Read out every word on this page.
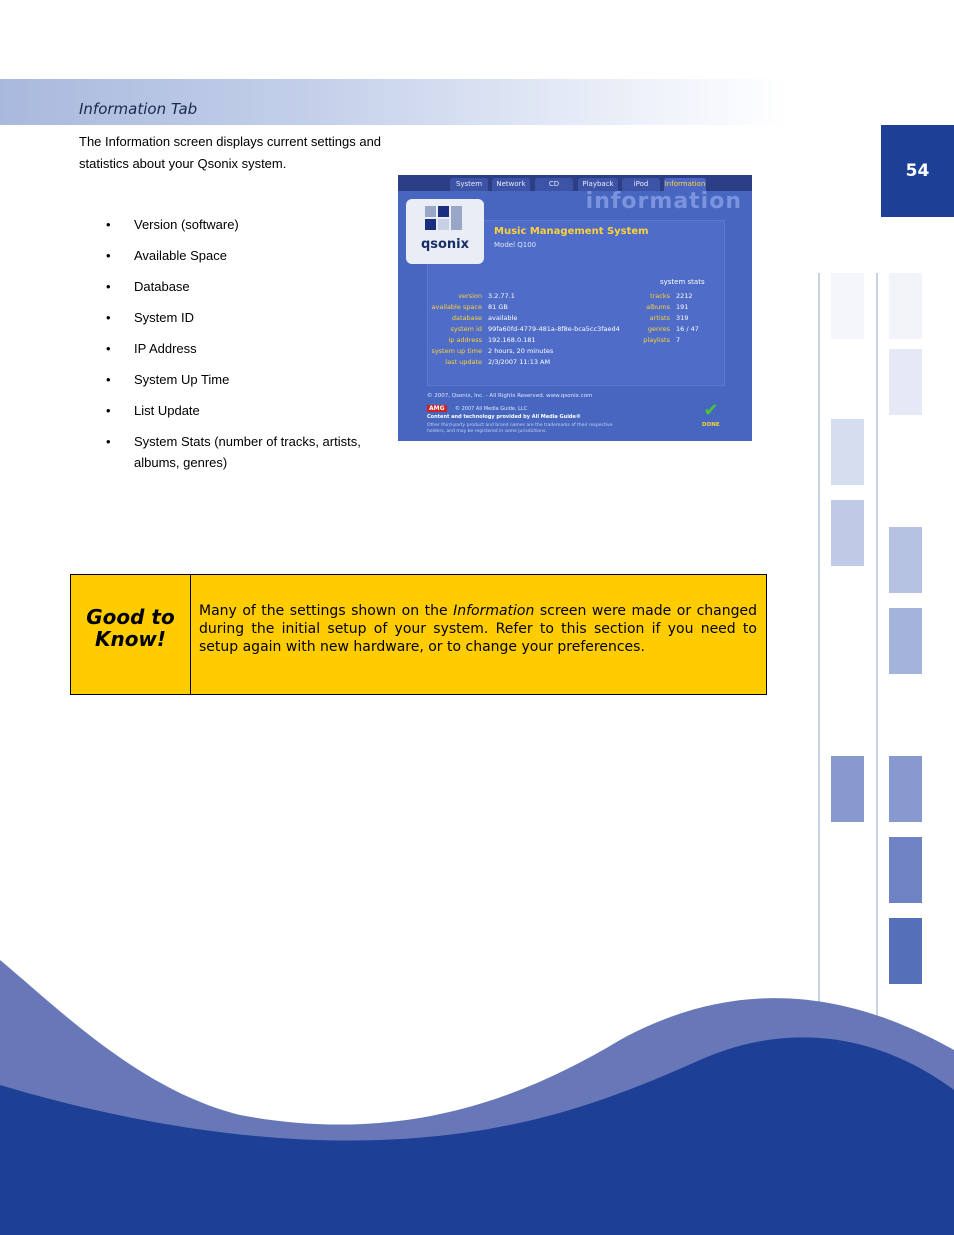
Information Tab
54
The Information screen displays current settings and statistics about your Qsonix system.
• Version (software)
• Available Space
• Database
• System ID
• IP Address
• System Up Time
• List Update
• System Stats (number of tracks, artists, albums, genres)
System	Network	CD	Playback	iPod	Information
information
qsonix
Music Management System
Model Q100
version 3.2.77.1
available space 81 GB
database available
system id 99fa60fd-4779-481a-8f8e-bca5cc3faed4
ip address 192.168.0.181
system up time 2 hours, 20 minutes
last update 2/3/2007 11:13 AM
system stats
tracks 2212
albums 191
artists 319
genres 16 / 47
playlists 7
© 2007, Qsonix, Inc. - All Rights Reserved. www.qsonix.com
AMG	© 2007 All Media Guide, LLC
Content and technology provided by All Media Guide®
Other third-party product and brand names are the trademarks of their respective holders, and may be registered in some jurisdictions.
✔
DONE
Good to Know!
Many of the settings shown on the Information screen were made or changed during the initial setup of your system. Refer to this section if you need to setup again with new hardware, or to change your preferences.
